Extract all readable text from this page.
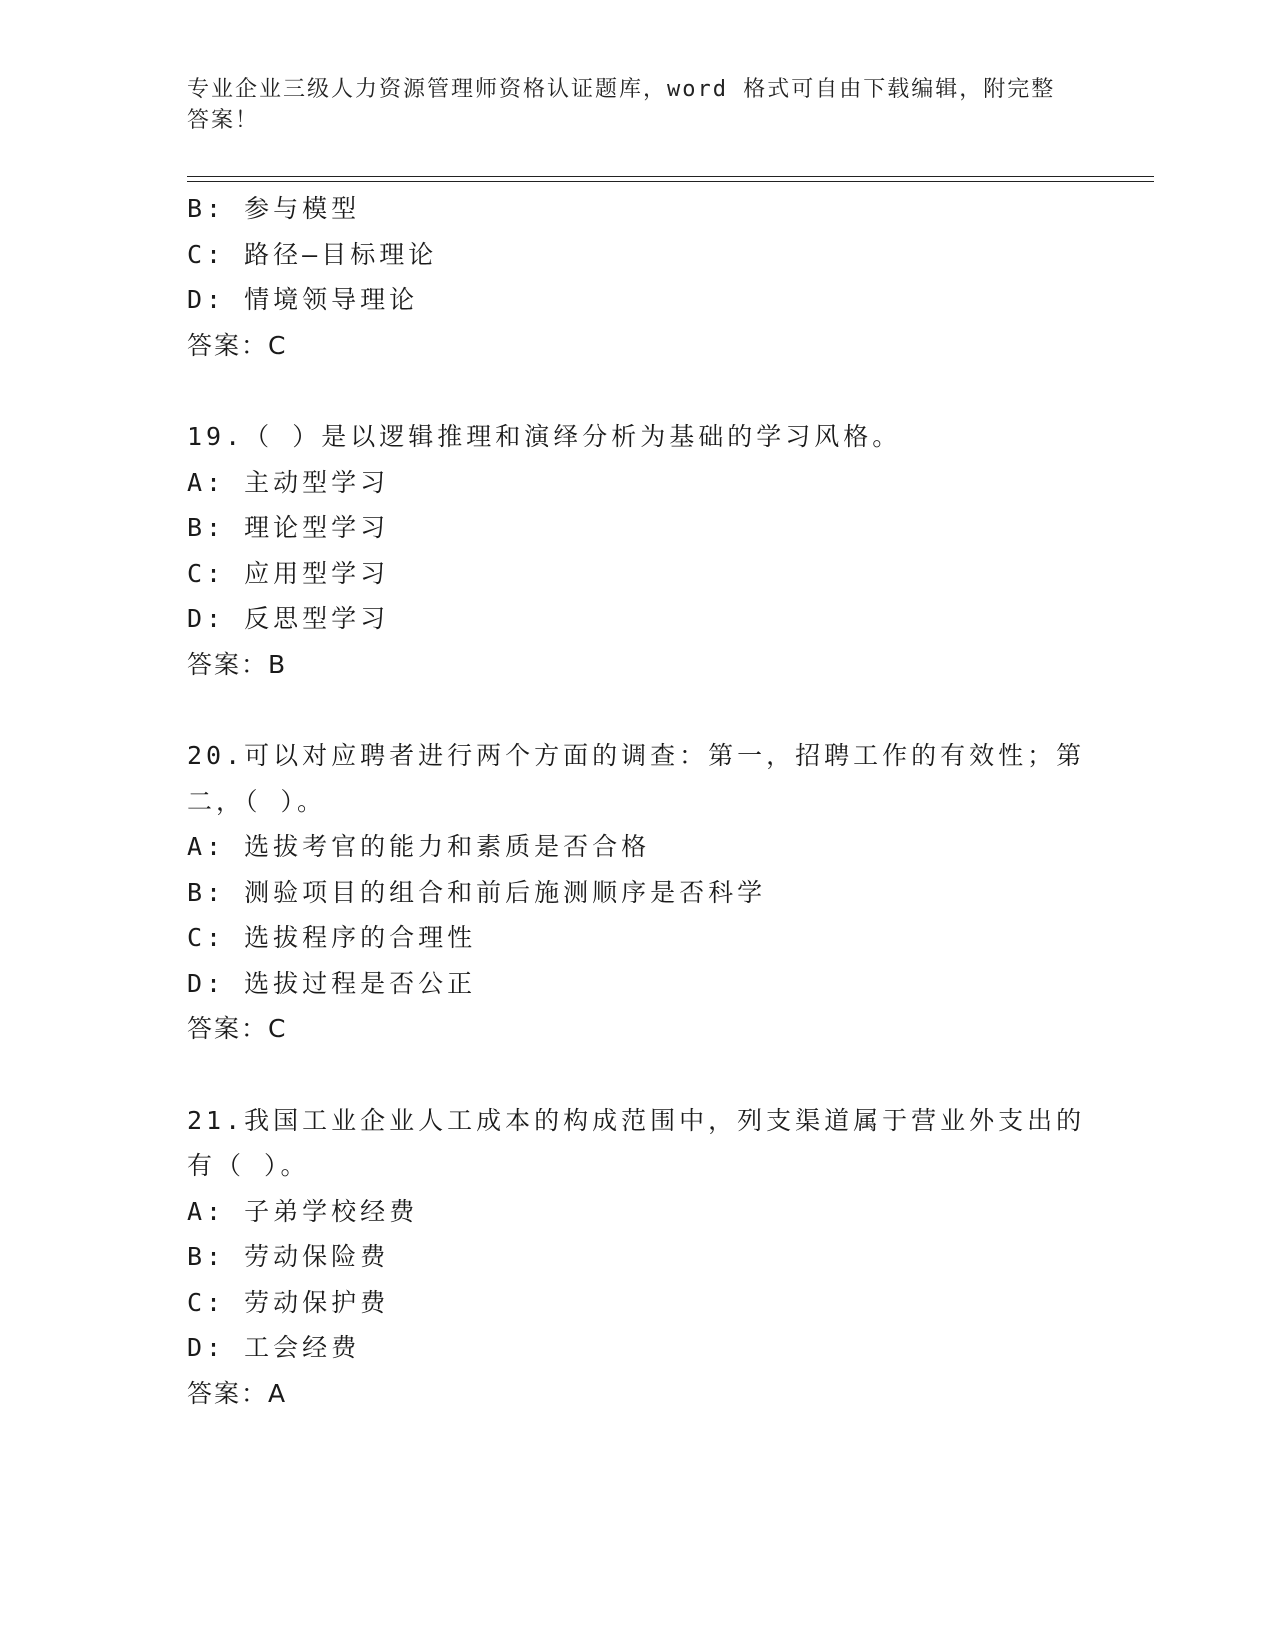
专业企业三级人力资源管理师资格认证题库，word 格式可自由下载编辑，附完整答案！
B: 参与模型
C: 路径—目标理论
D: 情境领导理论
答案：C
19.（ ）是以逻辑推理和演绎分析为基础的学习风格。
A: 主动型学习
B: 理论型学习
C: 应用型学习
D: 反思型学习
答案：B
20.可以对应聘者进行两个方面的调查：第一，招聘工作的有效性；第
二，（ ）。
A: 选拔考官的能力和素质是否合格
B: 测验项目的组合和前后施测顺序是否科学
C: 选拔程序的合理性
D: 选拔过程是否公正
答案：C
21.我国工业企业人工成本的构成范围中，列支渠道属于营业外支出的
有（ ）。
A: 子弟学校经费
B: 劳动保险费
C: 劳动保护费
D: 工会经费
答案：A
